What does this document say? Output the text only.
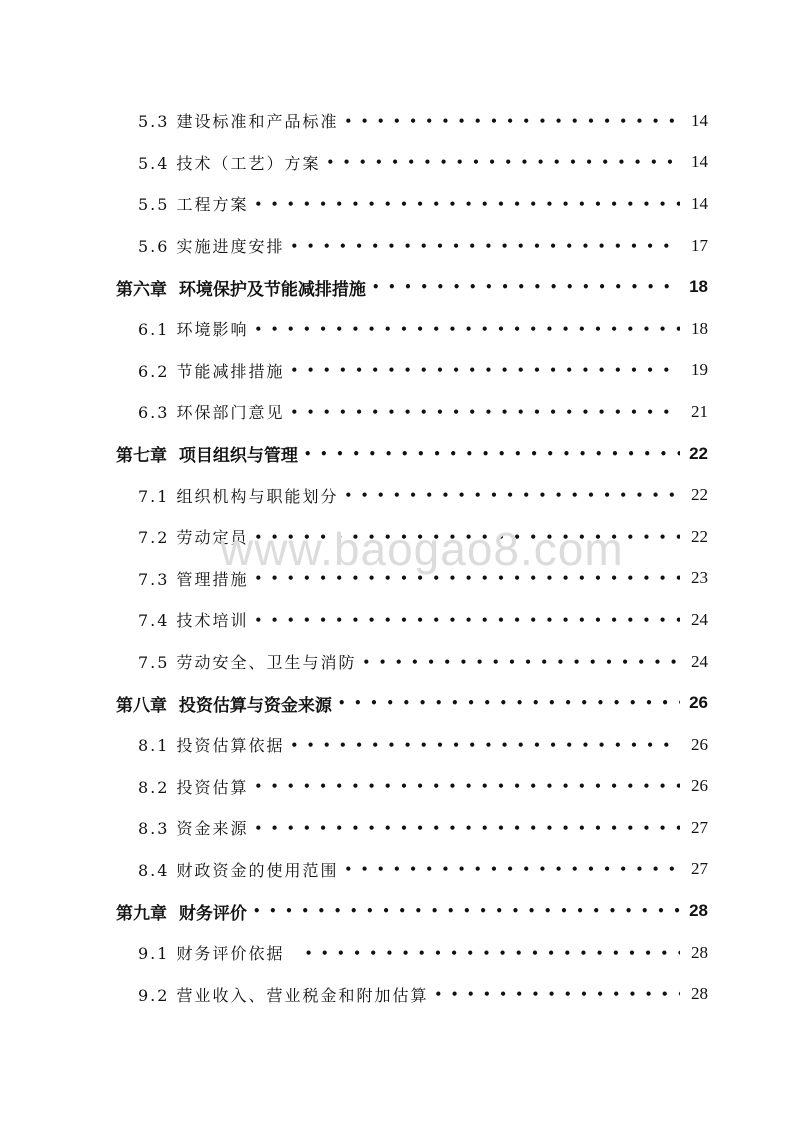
5.3 建设标准和产品标准 •••••	14
5.4 技术（工艺）方案 •••••	14
5.5 工程方案 •••••	14
5.6 实施进度安排 •••••	17
第六章  环境保护及节能减排措施 •••••	18
6.1 环境影响 •••••	18
6.2 节能减排措施 •••••	19
6.3 环保部门意见 •••••	21
第七章  项目组织与管理 •••••	22
7.1 组织机构与职能划分 •••••	22
7.2 劳动定员 •••••	22
7.3 管理措施 •••••	23
7.4 技术培训 •••••	24
7.5 劳动安全、卫生与消防 •••••	24
第八章  投资估算与资金来源 •••••	26
8.1 投资估算依据 •••••	26
8.2 投资估算 •••••	26
8.3 资金来源 •••••	27
8.4 财政资金的使用范围 •••••	27
第九章  财务评价 •••••	28
9.1 财务评价依据 •••••	28
9.2 营业收入、营业税金和附加估算 •••••	28
www.baogao8.com
